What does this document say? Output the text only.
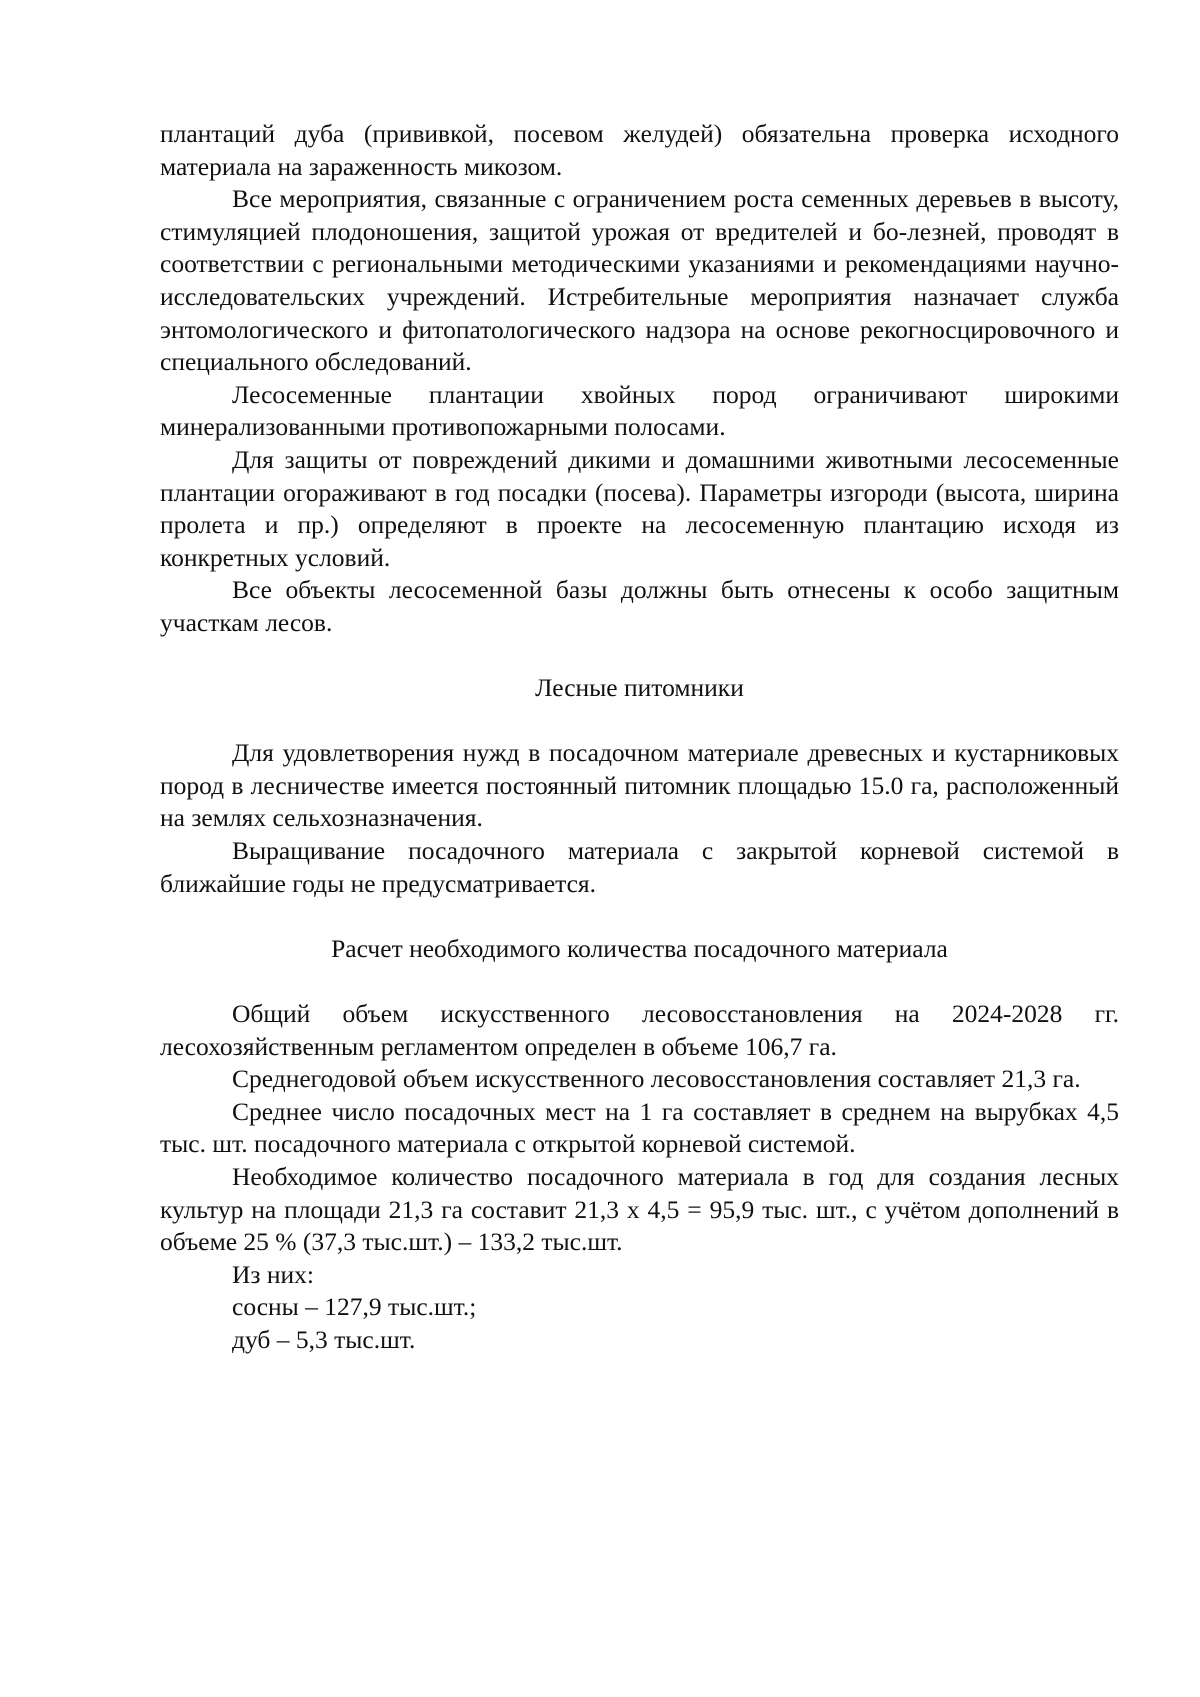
плантаций дуба (прививкой, посевом желудей) обязательна проверка исходного материала на зараженность микозом.

Все мероприятия, связанные с ограничением роста семенных деревьев в высоту, стимуляцией плодоношения, защитой урожая от вредителей и бо-лезней, проводят в соответствии с региональными методическими указаниями и рекомендациями научно-исследовательских учреждений. Истребительные мероприятия назначает служба энтомологического и фитопатологического надзора на основе рекогносцировочного и специального обследований.

Лесосеменные плантации хвойных пород ограничивают широкими минерализованными противопожарными полосами.

Для защиты от повреждений дикими и домашними животными лесосеменные плантации огораживают в год посадки (посева). Параметры изгороди (высота, ширина пролета и пр.) определяют в проекте на лесосеменную плантацию исходя из конкретных условий.

Все объекты лесосеменной базы должны быть отнесены к особо защитным участкам лесов.

Лесные питомники

Для удовлетворения нужд в посадочном материале древесных и кустарниковых пород в лесничестве имеется постоянный питомник площадью 15.0 га, расположенный на землях сельхозназначения.

Выращивание посадочного материала с закрытой корневой системой в ближайшие годы не предусматривается.

Расчет необходимого количества посадочного материала

Общий объем искусственного лесовосстановления на 2024-2028 гг. лесохозяйственным регламентом определен в объеме 106,7 га.

Среднегодовой объем искусственного лесовосстановления составляет 21,3 га.

Среднее число посадочных мест на 1 га составляет в среднем на вырубках 4,5 тыс. шт. посадочного материала с открытой корневой системой.

Необходимое количество посадочного материала в год для создания лесных культур на площади 21,3 га составит 21,3 х 4,5 = 95,9 тыс. шт., с учётом дополнений в объеме 25 % (37,3 тыс.шт.) – 133,2 тыс.шт.

Из них:

сосны – 127,9 тыс.шт.;

дуб – 5,3 тыс.шт.
